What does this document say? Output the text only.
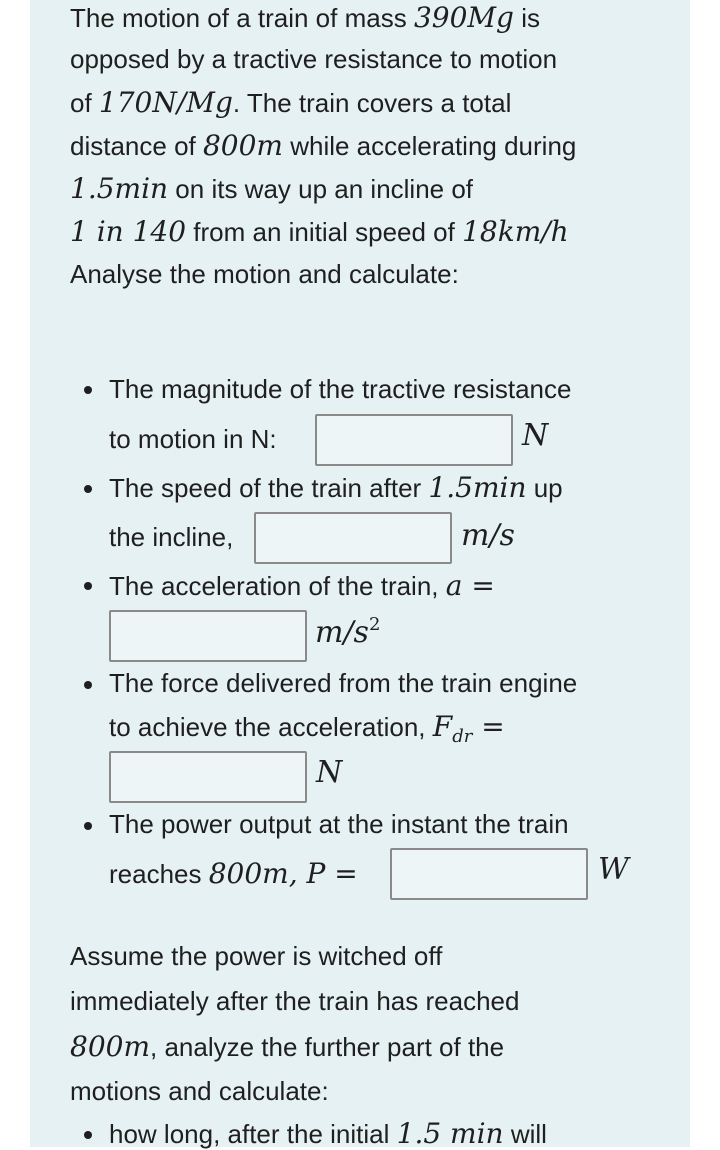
The motion of a train of mass 390Mg is
opposed by a tractive resistance to motion
of 170N/Mg. The train covers a total
distance of 800m while accelerating during
1.5min on its way up an incline of
1 in 140 from an initial speed of 18km/h
Analyse the motion and calculate:
The magnitude of the tractive resistance
to motion in N:	N
The speed of the train after 1.5min up
the incline,	m/s
The acceleration of the train, a =
$m/s^2$
The force delivered from the train engine
to achieve the acceleration, $F_{dr}$ =
N
The power output at the instant the train
reaches 800m, P =	W
Assume the power is witched off
immediately after the train has reached
800m, analyze the further part of the
motions and calculate:
how long, after the initial 1.5 min will
